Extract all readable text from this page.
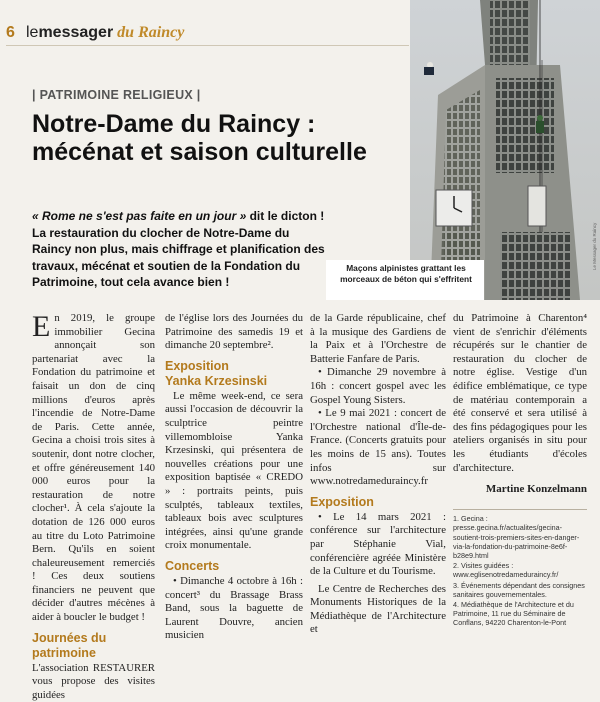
Maçons alpinistes grattant les morceaux de béton qui s'effritent
Le Messager du Raincy
6 lemessager du Raincy
| PATRIMOINE RELIGIEUX |
Notre-Dame du Raincy : mécénat et saison culturelle

« Rome ne s'est pas faite en un jour » dit le dicton ! La restauration du clocher de Notre-Dame du Raincy non plus, mais chiffrage et planification des travaux, mécénat et soutien de la Fondation du Patrimoine, tout cela avance bien !

En 2019, le groupe immobilier Gecina annonçait son partenariat avec la Fondation du patrimoine et faisait un don de cinq millions d'euros après l'incendie de Notre-Dame de Paris. Cette année, Gecina a choisi trois sites à soutenir, dont notre clocher, et offre généreusement 140 000 euros pour la restauration de notre clocher¹. À cela s'ajoute la dotation de 126 000 euros au titre du Loto Patrimoine Bern. Qu'ils en soient chaleureusement remerciés ! Ces deux soutiens financiers ne peuvent que décider d'autres mécènes à aider à boucler le budget !

Journées du patrimoine

L'association RESTAURER vous propose des visites guidées

de l'église lors des Journées du Patrimoine des samedis 19 et dimanche 20 septembre².

Exposition
Yanka Krzesinski

Le même week-end, ce sera aussi l'occasion de découvrir la sculptrice peintre villemombloise Yanka Krzesinski, qui présentera de nouvelles créations pour une exposition baptisée « CREDO » : portraits peints, puis sculptés, tableaux textiles, tableaux bois avec sculptures intégrées, ainsi qu'une grande croix monumentale.

Concerts

• Dimanche 4 octobre à 16h : concert³ du Brassage Brass Band, sous la baguette de Laurent Douvre, ancien musicien

de la Garde républicaine, chef à la musique des Gardiens de la Paix et à l'Orchestre de Batterie Fanfare de Paris.

• Dimanche 29 novembre à 16h : concert gospel avec les Gospel Young Sisters.

• Le 9 mai 2021 : concert de l'Orchestre national d'Île-de-France. (Concerts gratuits pour les moins de 15 ans). Toutes infos sur www.notredameduraincy.fr

Exposition

• Le 14 mars 2021 : conférence sur l'architecture par Stéphanie Vial, conférencière agréée Ministère de la Culture et du Tourisme.

Le Centre de Recherches des Monuments Historiques de la Médiathèque de l'Architecture et

du Patrimoine à Charenton⁴ vient de s'enrichir d'éléments récupérés sur le chantier de restauration du clocher de notre église. Vestige d'un édifice emblématique, ce type de matériau contemporain a été conservé et sera utilisé à des fins pédagogiques pour les ateliers organisés in situ pour les étudiants d'écoles d'architecture.

Martine Konzelmann

1. Gecina : presse.gecina.fr/actualites/gecina-soutient-trois-premiers-sites-en-danger-via-la-fondation-du-patrimoine-8e6f-b28e9.html

2. Visites guidées : www.eglisenotredameduraincy.fr/

3. Événements dépendant des consignes sanitaires gouvernementales.

4. Médiathèque de l'Architecture et du Patrimoine, 11 rue du Séminaire de Conflans, 94220 Charenton-le-Pont
